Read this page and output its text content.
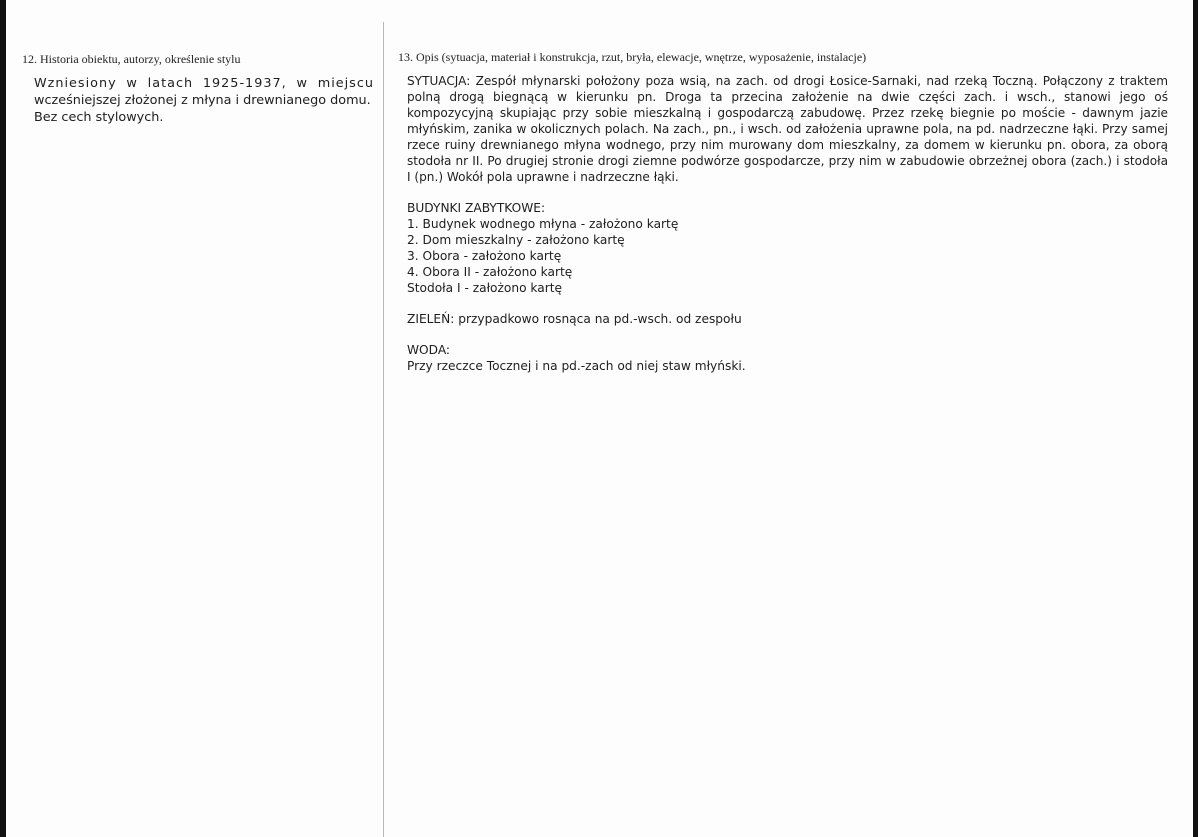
12. Historia obiektu, autorzy, określenie stylu
Wzniesiony w latach 1925-1937, w miejscu
wcześniejszej złożonej z młyna i drewnianego domu.
Bez cech stylowych.
13. Opis (sytuacja, materiał i konstrukcja, rzut, bryła, elewacje, wnętrze, wyposażenie, instalacje)

SYTUACJA: Zespół młynarski położony poza wsią, na zach. od drogi Łosice-Sarnaki, nad rzeką Toczną. Połączony z traktem polną drogą biegnącą w kierunku pn. Droga ta przecina założenie na dwie części zach. i wsch., stanowi jego oś kompozycyjną skupiając przy sobie mieszkalną i gospodarczą zabudowę. Przez rzekę biegnie po moście - dawnym jazie młyńskim, zanika w okolicznych polach. Na zach., pn., i wsch. od założenia uprawne pola, na pd. nadrzeczne łąki. Przy samej rzece ruiny drewnianego młyna wodnego, przy nim murowany dom mieszkalny, za domem w kierunku pn. obora, za oborą stodoła nr II. Po drugiej stronie drogi ziemne podwórze gospodarcze, przy nim w zabudowie obrzeżnej obora (zach.) i stodoła I (pn.) Wokół pola uprawne i nadrzeczne łąki.

BUDYNKI ZABYTKOWE:
1. Budynek wodnego młyna - założono kartę
2. Dom mieszkalny - założono kartę
3. Obora - założono kartę
4. Obora II - założono kartę
Stodoła I - założono kartę
ZIELEŃ: przypadkowo rosnąca na pd.-wsch. od zespołu
WODA:
Przy rzeczce Tocznej i na pd.-zach od niej staw młyński.
